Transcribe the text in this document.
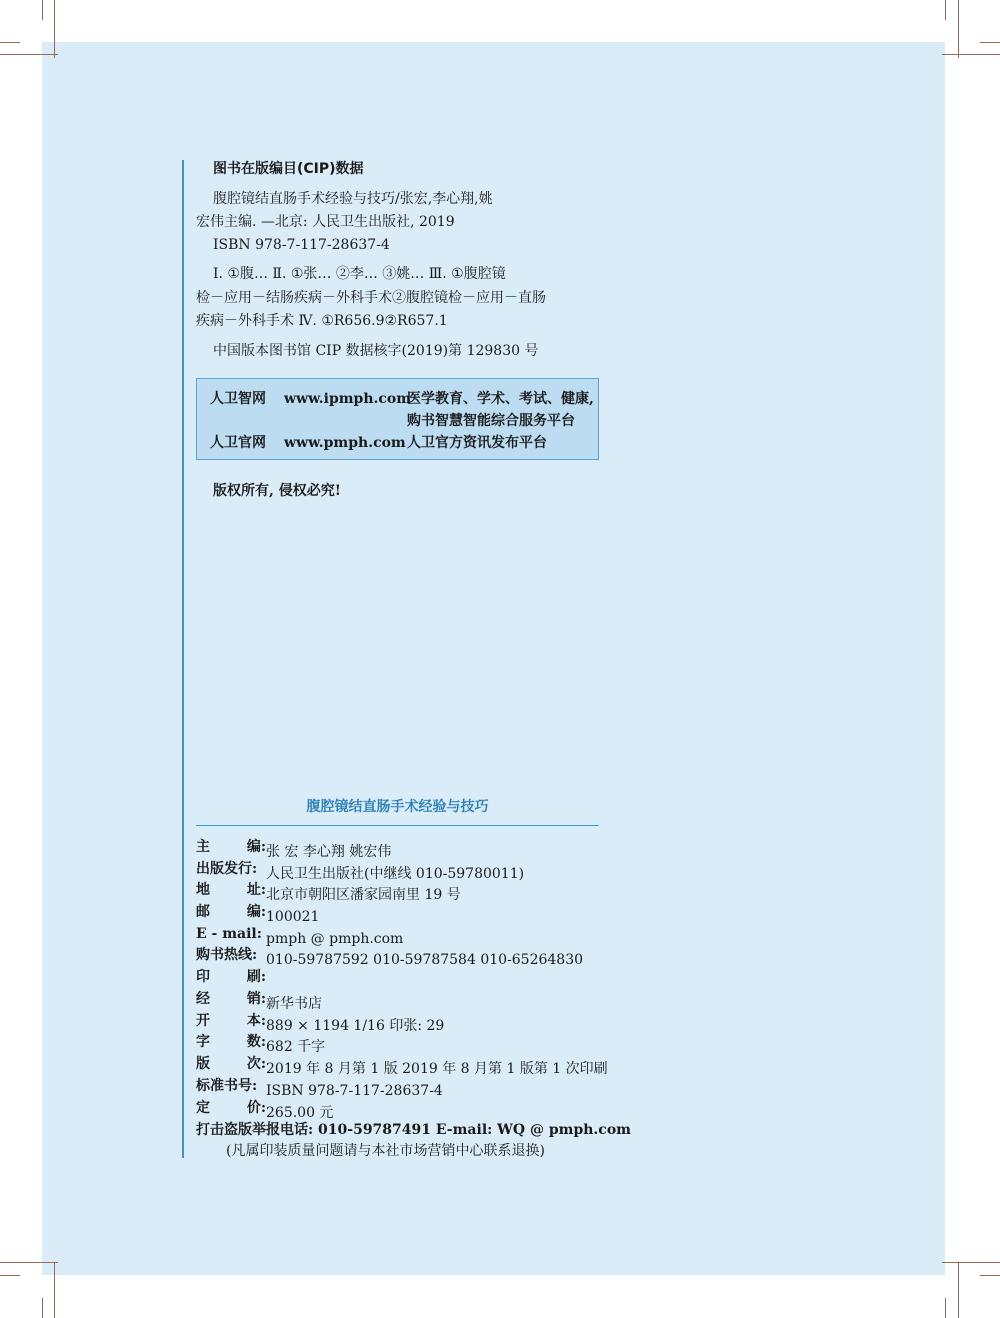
图书在版编目(CIP)数据
腹腔镜结直肠手术经验与技巧/张宏,李心翔,姚
宏伟主编. —北京: 人民卫生出版社, 2019
ISBN 978-7-117-28637-4
Ⅰ. ①腹… Ⅱ. ①张… ②李… ③姚… Ⅲ. ①腹腔镜
检－应用－结肠疾病－外科手术②腹腔镜检－应用－直肠
疾病－外科手术 Ⅳ. ①R656.9②R657.1
中国版本图书馆 CIP 数据核字(2019)第 129830 号
人卫智网 www.ipmph.com
医学教育、学术、考试、健康,
购书智慧智能综合服务平台
人卫官网 www.pmph.com 人卫官方资讯发布平台
版权所有, 侵权必究!
腹腔镜结直肠手术经验与技巧
主	编: 张 宏 李心翔 姚宏伟
出版发行: 人民卫生出版社(中继线 010-59780011)
地	址: 北京市朝阳区潘家园南里 19 号
邮	编: 100021
E - mail: pmph @ pmph.com
购书热线: 010-59787592 010-59787584 010-65264830
印	刷:
经	销: 新华书店
开	本: 889 × 1194 1/16 印张: 29
字	数: 682 千字
版	次: 2019 年 8 月第 1 版 2019 年 8 月第 1 版第 1 次印刷
标准书号: ISBN 978-7-117-28637-4
定	价: 265.00 元
打击盗版举报电话: 010-59787491 E-mail: WQ @ pmph.com
(凡属印装质量问题请与本社市场营销中心联系退换)
